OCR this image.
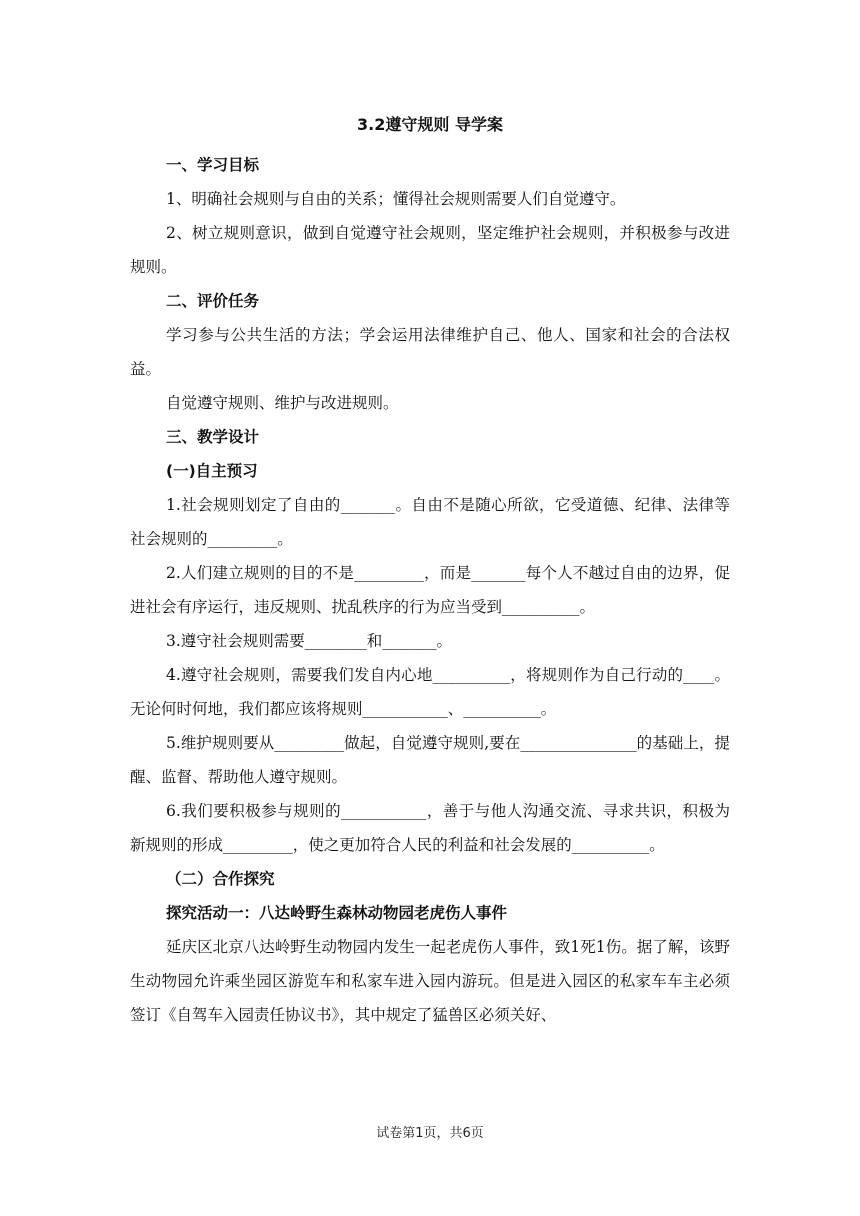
3.2遵守规则 导学案
一、学习目标
1、明确社会规则与自由的关系；懂得社会规则需要人们自觉遵守。
2、树立规则意识，做到自觉遵守社会规则，坚定维护社会规则，并积极参与改进规则。
二、评价任务
学习参与公共生活的方法；学会运用法律维护自己、他人、国家和社会的合法权益。
自觉遵守规则、维护与改进规则。
三、教学设计
(一)自主预习
1.社会规则划定了自由的_______。自由不是随心所欲，它受道德、纪律、法律等社会规则的_________。
2.人们建立规则的目的不是_________，而是_______每个人不越过自由的边界，促进社会有序运行，违反规则、扰乱秩序的行为应当受到__________。
3.遵守社会规则需要________和_______。
4.遵守社会规则，需要我们发自内心地__________，将规则作为自己行动的____。无论何时何地，我们都应该将规则___________、__________。
5.维护规则要从_________做起，自觉遵守规则,要在_______________的基础上，提醒、监督、帮助他人遵守规则。
6.我们要积极参与规则的___________，善于与他人沟通交流、寻求共识，积极为新规则的形成_________，使之更加符合人民的利益和社会发展的__________。
（二）合作探究
探究活动一：八达岭野生森林动物园老虎伤人事件
延庆区北京八达岭野生动物园内发生一起老虎伤人事件，致1死1伤。据了解，该野生动物园允许乘坐园区游览车和私家车进入园内游玩。但是进入园区的私家车车主必须签订《自驾车入园责任协议书》，其中规定了猛兽区必须关好、
试卷第1页，共6页
